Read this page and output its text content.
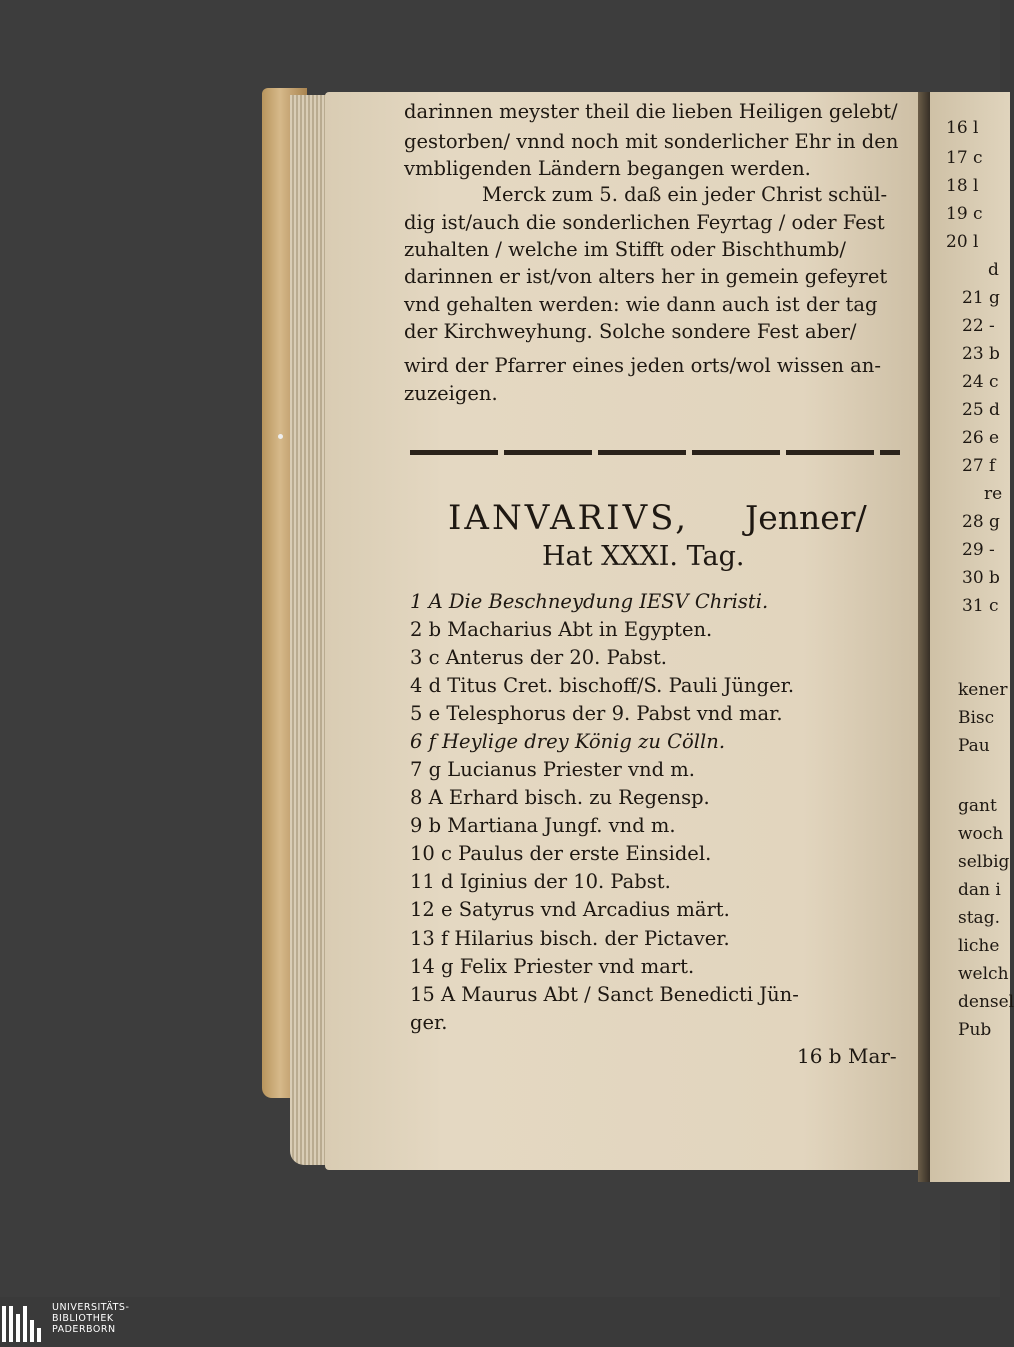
darinnen meyster theil die lieben Heiligen gelebt/
gestorben/ vnnd noch mit sonderlicher Ehr in den
vmbligenden Ländern begangen werden.
Merck zum 5. daß ein jeder Christ schül-
dig ist/auch die sonderlichen Feyrtag / oder Fest
zuhalten / welche im Stifft oder Bischthumb/
darinnen er ist/von alters her in gemein gefeyret
vnd gehalten werden: wie dann auch ist der tag
der Kirchweyhung. Solche sondere Fest aber/
wird der Pfarrer eines jeden orts/wol wissen an-
zuzeigen.
IANVARIVS, Jenner/
Hat XXXI. Tag.
1 A Die Beschneydung IESV Christi.
2 b Macharius Abt in Egypten.
3 c Anterus der 20. Pabst.
4 d Titus Cret. bischoff/S. Pauli Jünger.
5 e Telesphorus der 9. Pabst vnd mar.
6 f Heylige drey König zu Cölln.
7 g Lucianus Priester vnd m.
8 A Erhard bisch. zu Regensp.
9 b Martiana Jungf. vnd m.
10 c Paulus der erste Einsidel.
11 d Iginius der 10. Pabst.
12 e Satyrus vnd Arcadius märt.
13 f Hilarius bisch. der Pictaver.
14 g Felix Priester vnd mart.
15 A Maurus Abt / Sanct Benedicti Jün-
ger.
16 b Mar-
16 l
17 c
18 l
19 c
20 l
d
21 g
22 -
23 b
24 c
25 d
26 e
27 f
re
28 g
29 -
30 b
31 c
kener
Bisc
Pau
gant
woch
selbig
dan i
stag.
liche
welch
densel
Pub
UNIVERSITÄTS-
BIBLIOTHEK
PADERBORN
